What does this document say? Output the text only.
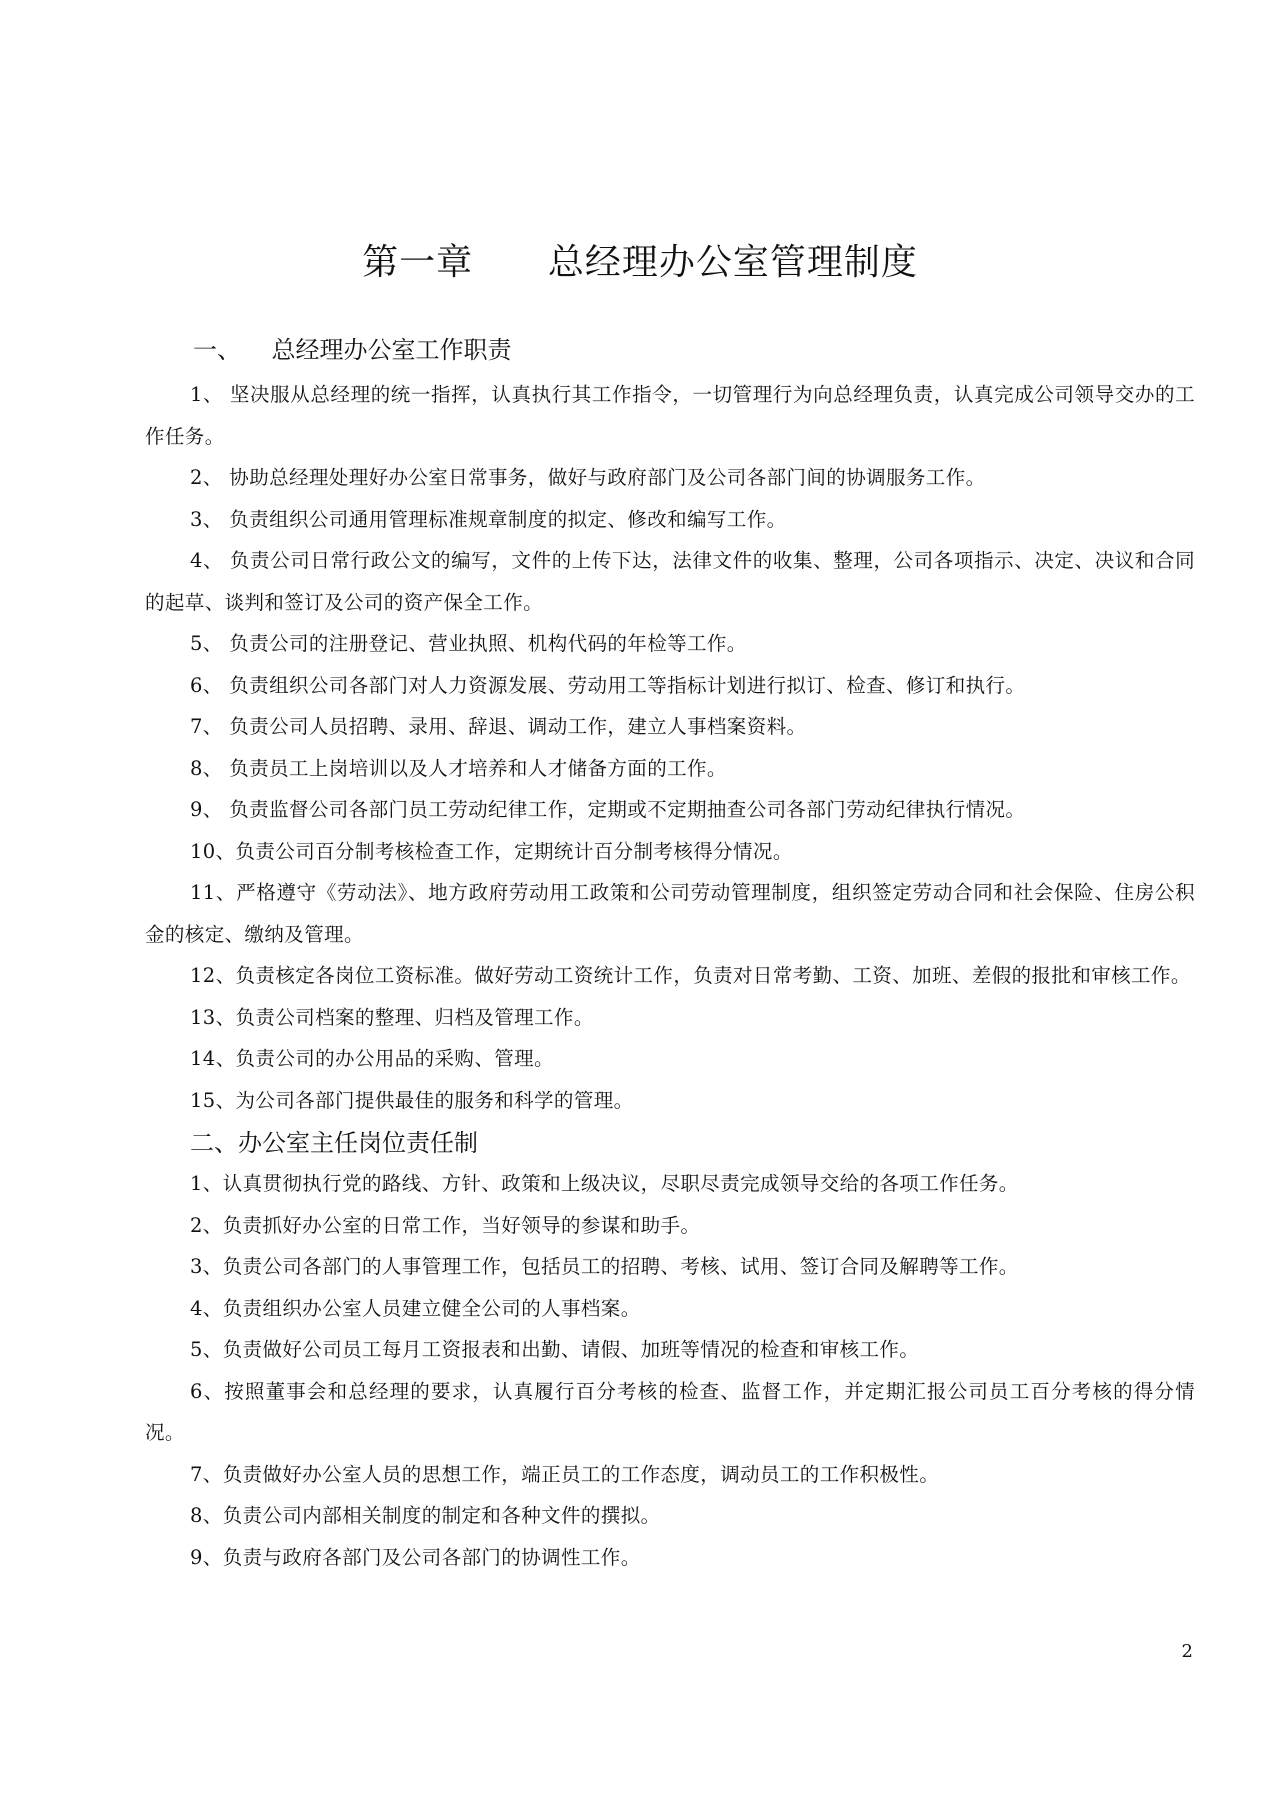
第一章      总经理办公室管理制度
一、    总经理办公室工作职责

1、 坚决服从总经理的统一指挥，认真执行其工作指令，一切管理行为向总经理负责，认真完成公司领导交办的工作任务。

2、 协助总经理处理好办公室日常事务，做好与政府部门及公司各部门间的协调服务工作。

3、 负责组织公司通用管理标准规章制度的拟定、修改和编写工作。

4、 负责公司日常行政公文的编写，文件的上传下达，法律文件的收集、整理，公司各项指示、决定、决议和合同的起草、谈判和签订及公司的资产保全工作。

5、 负责公司的注册登记、营业执照、机构代码的年检等工作。

6、 负责组织公司各部门对人力资源发展、劳动用工等指标计划进行拟订、检查、修订和执行。

7、 负责公司人员招聘、录用、辞退、调动工作，建立人事档案资料。

8、 负责员工上岗培训以及人才培养和人才储备方面的工作。

9、 负责监督公司各部门员工劳动纪律工作，定期或不定期抽查公司各部门劳动纪律执行情况。

10、负责公司百分制考核检查工作，定期统计百分制考核得分情况。

11、严格遵守《劳动法》、地方政府劳动用工政策和公司劳动管理制度，组织签定劳动合同和社会保险、住房公积金的核定、缴纳及管理。

12、负责核定各岗位工资标准。做好劳动工资统计工作，负责对日常考勤、工资、加班、差假的报批和审核工作。

13、负责公司档案的整理、归档及管理工作。

14、负责公司的办公用品的采购、管理。

15、为公司各部门提供最佳的服务和科学的管理。

二、办公室主任岗位责任制

1、认真贯彻执行党的路线、方针、政策和上级决议，尽职尽责完成领导交给的各项工作任务。

2、负责抓好办公室的日常工作，当好领导的参谋和助手。

3、负责公司各部门的人事管理工作，包括员工的招聘、考核、试用、签订合同及解聘等工作。

4、负责组织办公室人员建立健全公司的人事档案。

5、负责做好公司员工每月工资报表和出勤、请假、加班等情况的检查和审核工作。

6、按照董事会和总经理的要求，认真履行百分考核的检查、监督工作，并定期汇报公司员工百分考核的得分情况。

7、负责做好办公室人员的思想工作，端正员工的工作态度，调动员工的工作积极性。

8、负责公司内部相关制度的制定和各种文件的撰拟。

9、负责与政府各部门及公司各部门的协调性工作。

2
